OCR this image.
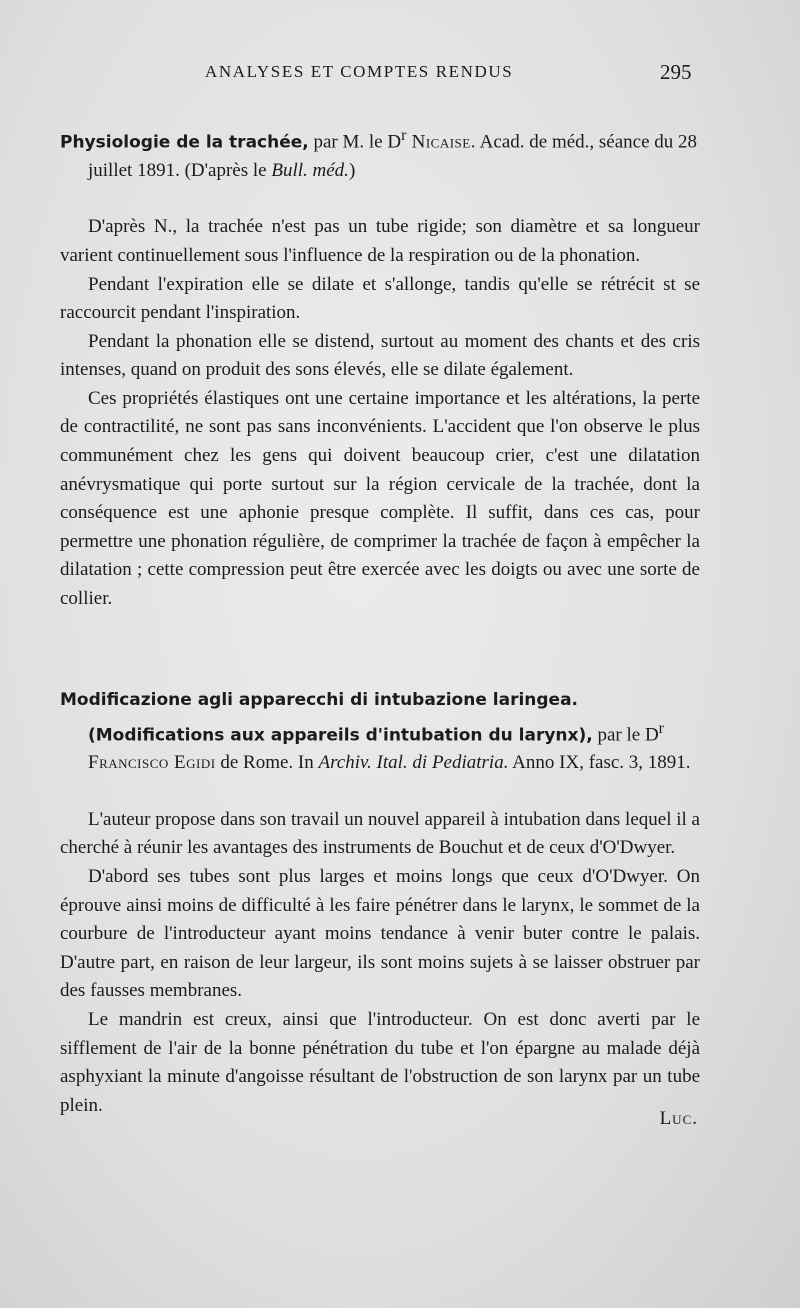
ANALYSES ET COMPTES RENDUS	295

Physiologie de la trachée, par M. le $D^r$ Nicaise. Acad. de méd., séance du 28 juillet 1891. (D'après le Bull. méd.)

D'après N., la trachée n'est pas un tube rigide; son diamètre et sa longueur varient continuellement sous l'influence de la respiration ou de la phonation.

Pendant l'expiration elle se dilate et s'allonge, tandis qu'elle se rétrécit st se raccourcit pendant l'inspiration.

Pendant la phonation elle se distend, surtout au moment des chants et des cris intenses, quand on produit des sons élevés, elle se dilate également.

Ces propriétés élastiques ont une certaine importance et les altérations, la perte de contractilité, ne sont pas sans inconvénients. L'accident que l'on observe le plus communément chez les gens qui doivent beaucoup crier, c'est une dilatation anévrysmatique qui porte surtout sur la région cervicale de la trachée, dont la conséquence est une aphonie presque complète. Il suffit, dans ces cas, pour permettre une phonation régulière, de comprimer la trachée de façon à empêcher la dilatation ; cette compression peut être exercée avec les doigts ou avec une sorte de collier.

Modificazione agli apparecchi di intubazione laringea. (Modifications aux appareils d'intubation du larynx), par le $D^r$ Francisco Egidi de Rome. In Archiv. Ital. di Pediatria. Anno IX, fasc. 3, 1891.

L'auteur propose dans son travail un nouvel appareil à intubation dans lequel il a cherché à réunir les avantages des instruments de Bouchut et de ceux d'O'Dwyer.

D'abord ses tubes sont plus larges et moins longs que ceux d'O'Dwyer. On éprouve ainsi moins de difficulté à les faire pénétrer dans le larynx, le sommet de la courbure de l'introducteur ayant moins tendance à venir buter contre le palais. D'autre part, en raison de leur largeur, ils sont moins sujets à se laisser obstruer par des fausses membranes.

Le mandrin est creux, ainsi que l'introducteur. On est donc averti par le sifflement de l'air de la bonne pénétration du tube et l'on épargne au malade déjà asphyxiant la minute d'angoisse résultant de l'obstruction de son larynx par un tube plein.

Luc.
